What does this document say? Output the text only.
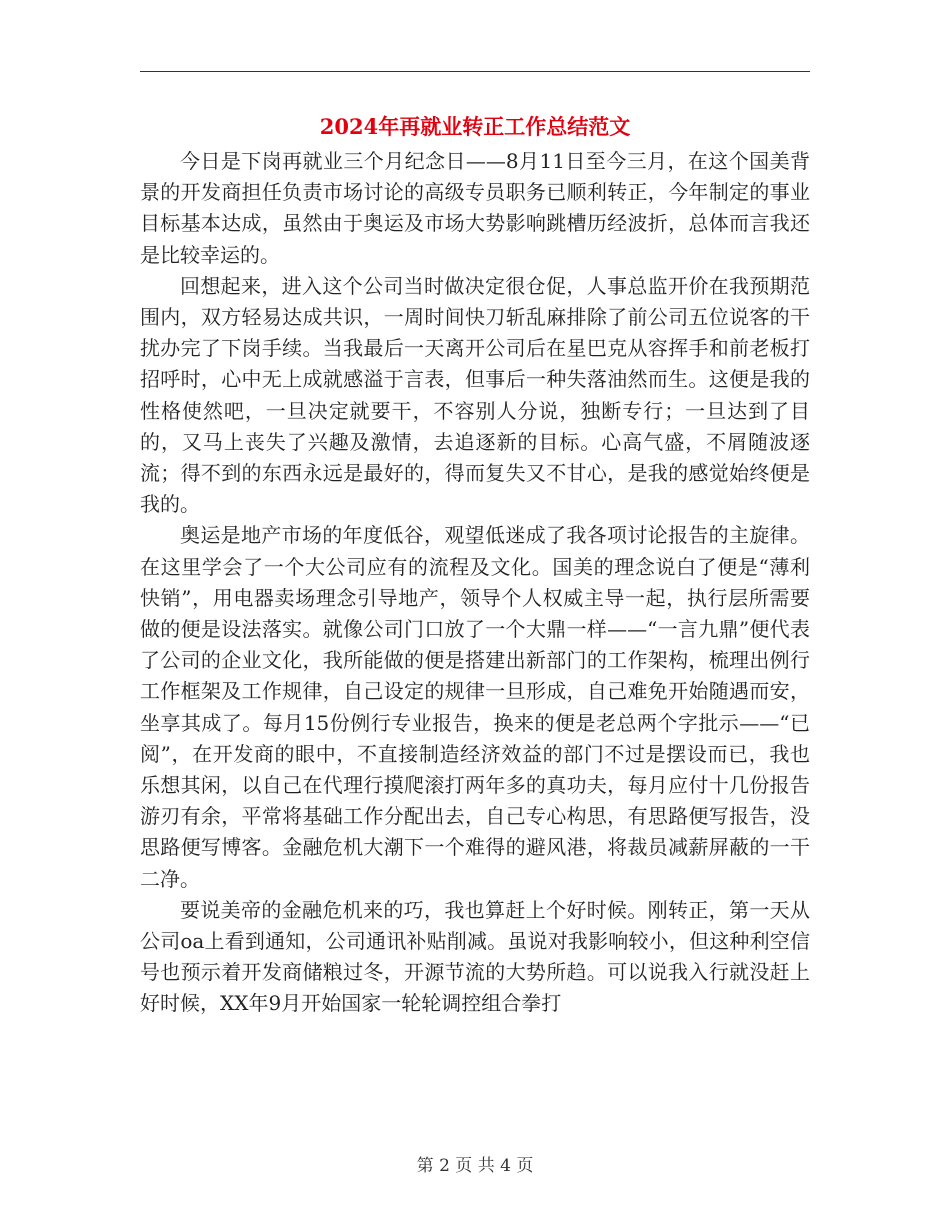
2024年再就业转正工作总结范文

今日是下岗再就业三个月纪念日——8月11日至今三月，在这个国美背景的开发商担任负责市场讨论的高级专员职务已顺利转正，今年制定的事业目标基本达成，虽然由于奥运及市场大势影响跳槽历经波折，总体而言我还是比较幸运的。

回想起来，进入这个公司当时做决定很仓促，人事总监开价在我预期范围内，双方轻易达成共识，一周时间快刀斩乱麻排除了前公司五位说客的干扰办完了下岗手续。当我最后一天离开公司后在星巴克从容挥手和前老板打招呼时，心中无上成就感溢于言表，但事后一种失落油然而生。这便是我的性格使然吧，一旦决定就要干，不容别人分说，独断专行；一旦达到了目的，又马上丧失了兴趣及激情，去追逐新的目标。心高气盛，不屑随波逐流；得不到的东西永远是最好的，得而复失又不甘心，是我的感觉始终便是我的。

奥运是地产市场的年度低谷，观望低迷成了我各项讨论报告的主旋律。在这里学会了一个大公司应有的流程及文化。国美的理念说白了便是“薄利快销”，用电器卖场理念引导地产，领导个人权威主导一起，执行层所需要做的便是设法落实。就像公司门口放了一个大鼎一样——“一言九鼎”便代表了公司的企业文化，我所能做的便是搭建出新部门的工作架构，梳理出例行工作框架及工作规律，自己设定的规律一旦形成，自己难免开始随遇而安，坐享其成了。每月15份例行专业报告，换来的便是老总两个字批示——“已阅”，在开发商的眼中，不直接制造经济效益的部门不过是摆设而已，我也乐想其闲，以自己在代理行摸爬滚打两年多的真功夫，每月应付十几份报告游刃有余，平常将基础工作分配出去，自己专心构思，有思路便写报告，没思路便写博客。金融危机大潮下一个难得的避风港，将裁员减薪屏蔽的一干二净。

要说美帝的金融危机来的巧，我也算赶上个好时候。刚转正，第一天从公司oa上看到通知，公司通讯补贴削减。虽说对我影响较小，但这种利空信号也预示着开发商储粮过冬，开源节流的大势所趋。可以说我入行就没赶上好时候，XX年9月开始国家一轮轮调控组合拳打

第 2 页 共 4 页
